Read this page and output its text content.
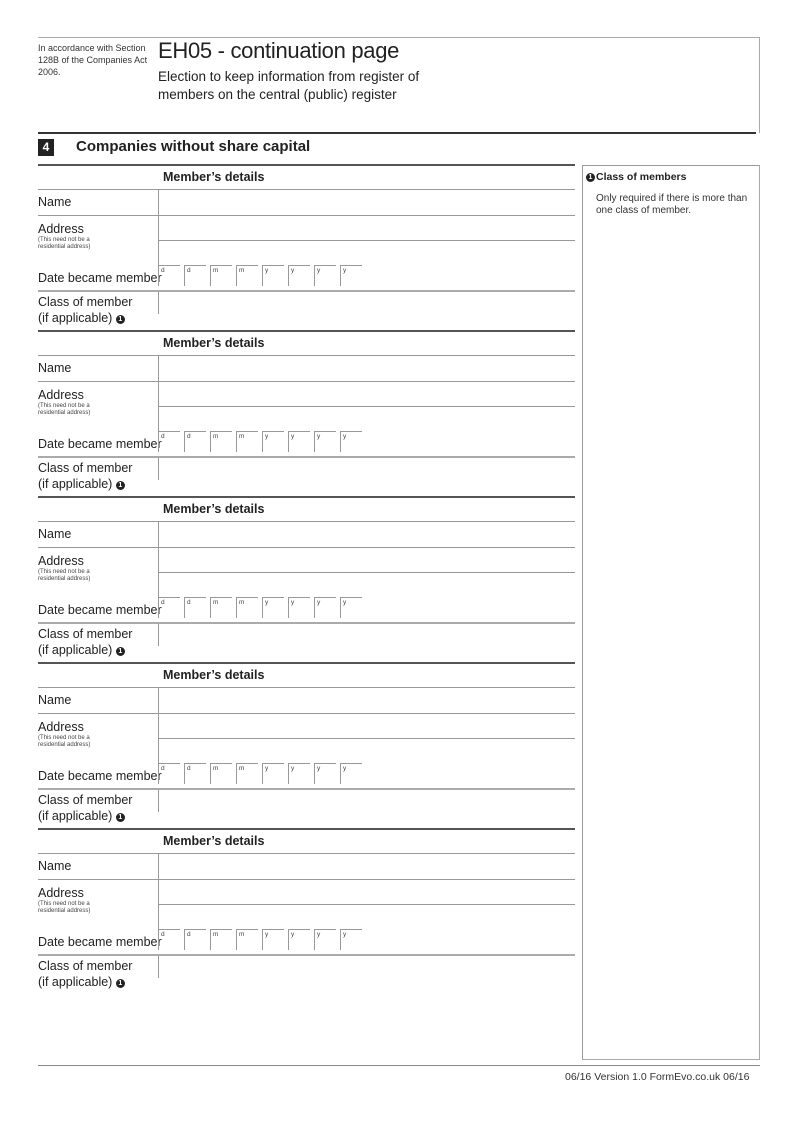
In accordance with Section 128B of the Companies Act 2006.
EH05 - continuation page
Election to keep information from register of members on the central (public) register
4	Companies without share capital
1 Class of members
Only required if there is more than one class of member.
Member’s details
Name
Address
(This need not be a residential address)
Date became member
d	d	m	m	y	y	y	y
Class of member
(if applicable) 1
Member’s details
Name
Address
(This need not be a residential address)
Date became member
d	d	m	m	y	y	y	y
Class of member
(if applicable) 1
Member’s details
Name
Address
(This need not be a residential address)
Date became member
d	d	m	m	y	y	y	y
Class of member
(if applicable) 1
Member’s details
Name
Address
(This need not be a residential address)
Date became member
d	d	m	m	y	y	y	y
Class of member
(if applicable) 1
Member’s details
Name
Address
(This need not be a residential address)
Date became member
d	d	m	m	y	y	y	y
Class of member
(if applicable) 1
06/16 Version 1.0 FormEvo.co.uk 06/16
